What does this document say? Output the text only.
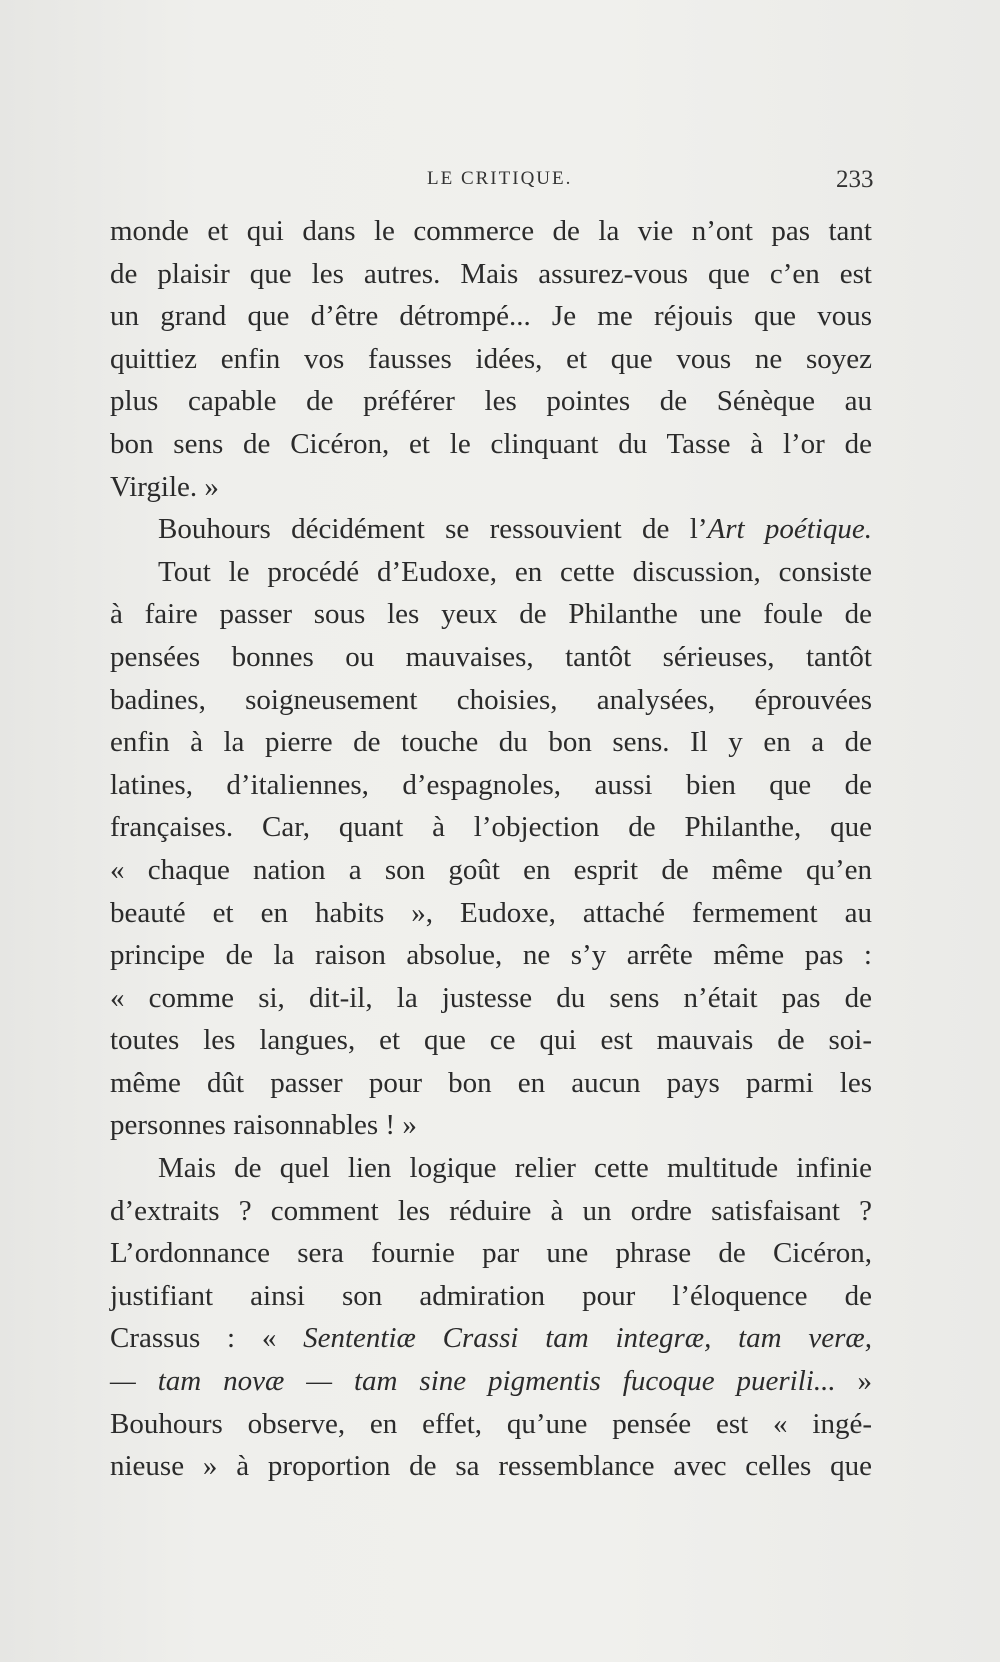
LE CRITIQUE.	233
monde et qui dans le commerce de la vie n’ont pas tant
de plaisir que les autres. Mais assurez-vous que c’en est
un grand que d’être détrompé... Je me réjouis que vous
quittiez enfin vos fausses idées, et que vous ne soyez
plus capable de préférer les pointes de Sénèque au
bon sens de Cicéron, et le clinquant du Tasse à l’or de
Virgile. »
Bouhours décidément se ressouvient de l’Art poétique.
Tout le procédé d’Eudoxe, en cette discussion, consiste
à faire passer sous les yeux de Philanthe une foule de
pensées bonnes ou mauvaises, tantôt sérieuses, tantôt
badines, soigneusement choisies, analysées, éprouvées
enfin à la pierre de touche du bon sens. Il y en a de
latines, d’italiennes, d’espagnoles, aussi bien que de
françaises. Car, quant à l’objection de Philanthe, que
« chaque nation a son goût en esprit de même qu’en
beauté et en habits », Eudoxe, attaché fermement au
principe de la raison absolue, ne s’y arrête même pas :
« comme si, dit-il, la justesse du sens n’était pas de
toutes les langues, et que ce qui est mauvais de soi-
même dût passer pour bon en aucun pays parmi les
personnes raisonnables ! »
Mais de quel lien logique relier cette multitude infinie
d’extraits ? comment les réduire à un ordre satisfaisant ?
L’ordonnance sera fournie par une phrase de Cicéron,
justifiant ainsi son admiration pour l’éloquence de
Crassus : « Sententiæ Crassi tam integræ, tam veræ,
— tam novæ — tam sine pigmentis fucoque puerili... »
Bouhours observe, en effet, qu’une pensée est « ingé-
nieuse » à proportion de sa ressemblance avec celles que
